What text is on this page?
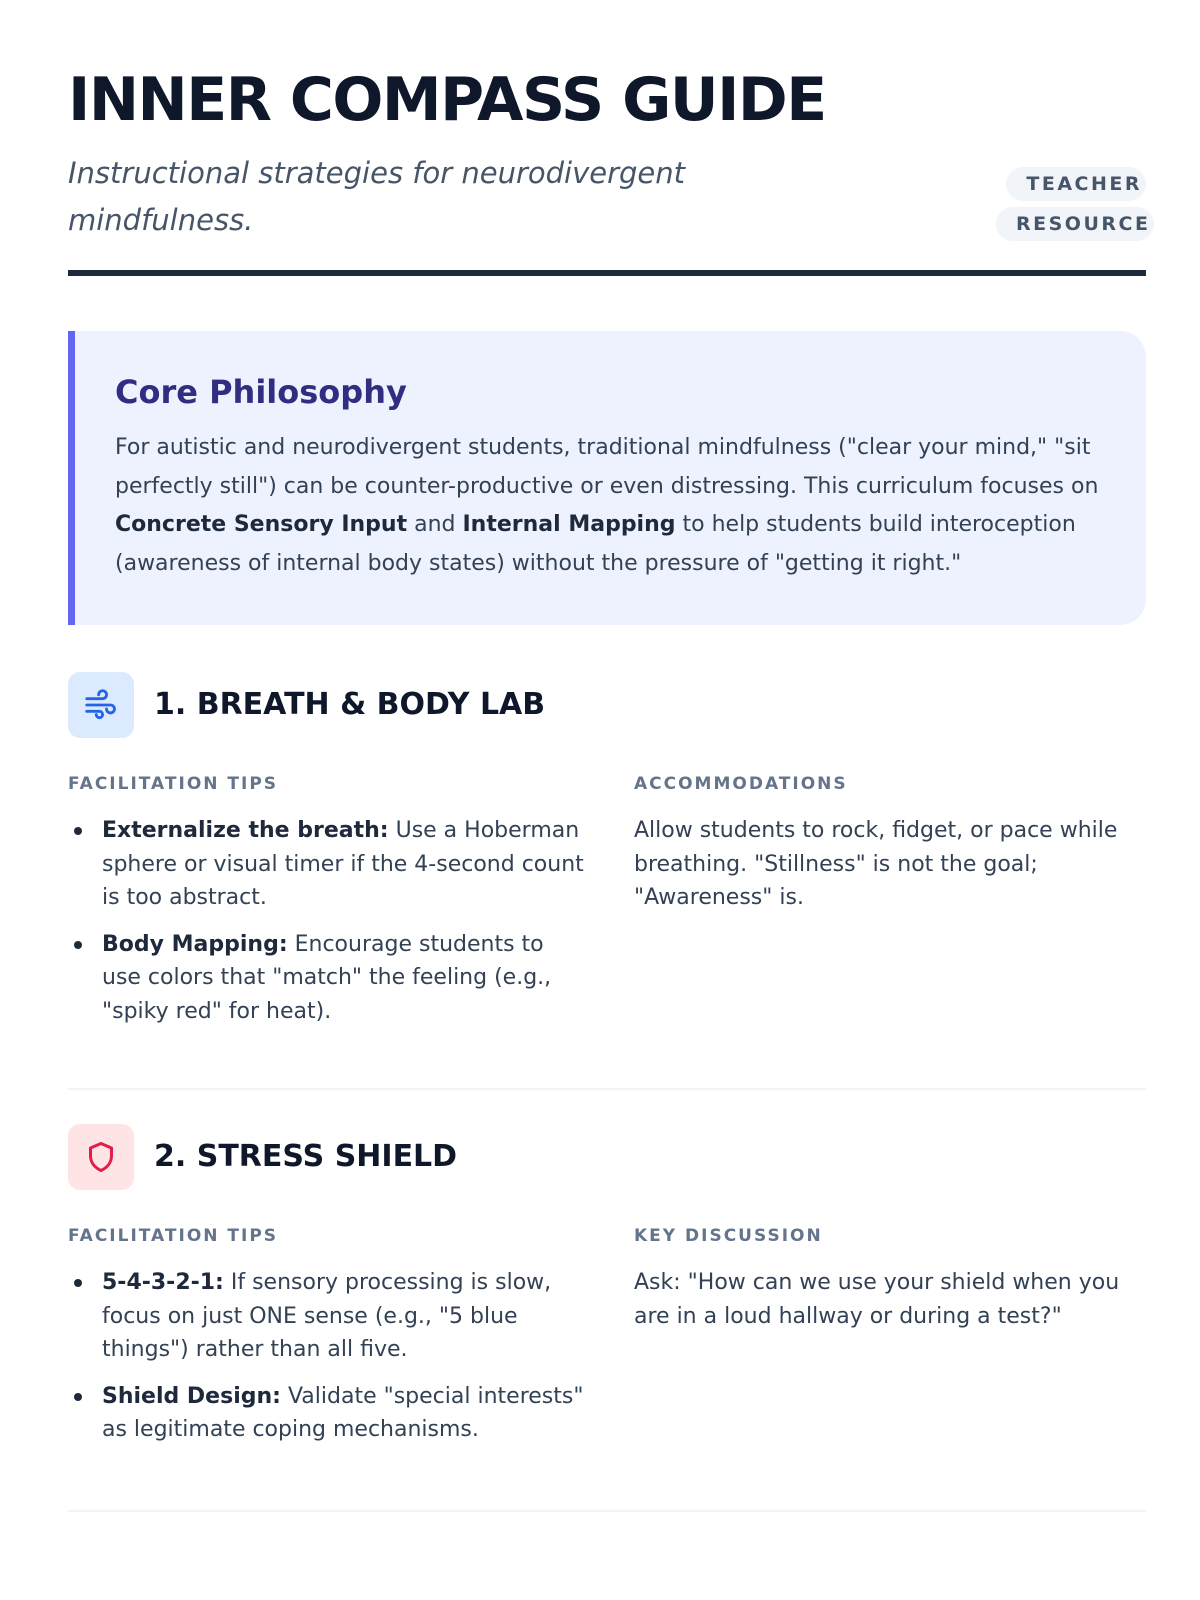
INNER COMPASS GUIDE

Instructional strategies for neurodivergent mindfulness.

TEACHER RESOURCE
Core Philosophy

For autistic and neurodivergent students, traditional mindfulness ("clear your mind," "sit perfectly still") can be counter-productive or even distressing. This curriculum focuses on Concrete Sensory Input and Internal Mapping to help students build interoception (awareness of internal body states) without the pressure of "getting it right."

1. BREATH & BODY LAB

FACILITATION TIPS	ACCOMMODATIONS

Externalize the breath: Use a Hoberman sphere or visual timer if the 4-second count is too abstract.
Body Mapping: Encourage students to use colors that "match" the feeling (e.g., "spiky red" for heat).

Allow students to rock, fidget, or pace while breathing. "Stillness" is not the goal; "Awareness" is.

2. STRESS SHIELD

FACILITATION TIPS	KEY DISCUSSION

5-4-3-2-1: If sensory processing is slow, focus on just ONE sense (e.g., "5 blue things") rather than all five.
Shield Design: Validate "special interests" as legitimate coping mechanisms.

Ask: "How can we use your shield when you are in a loud hallway or during a test?"
